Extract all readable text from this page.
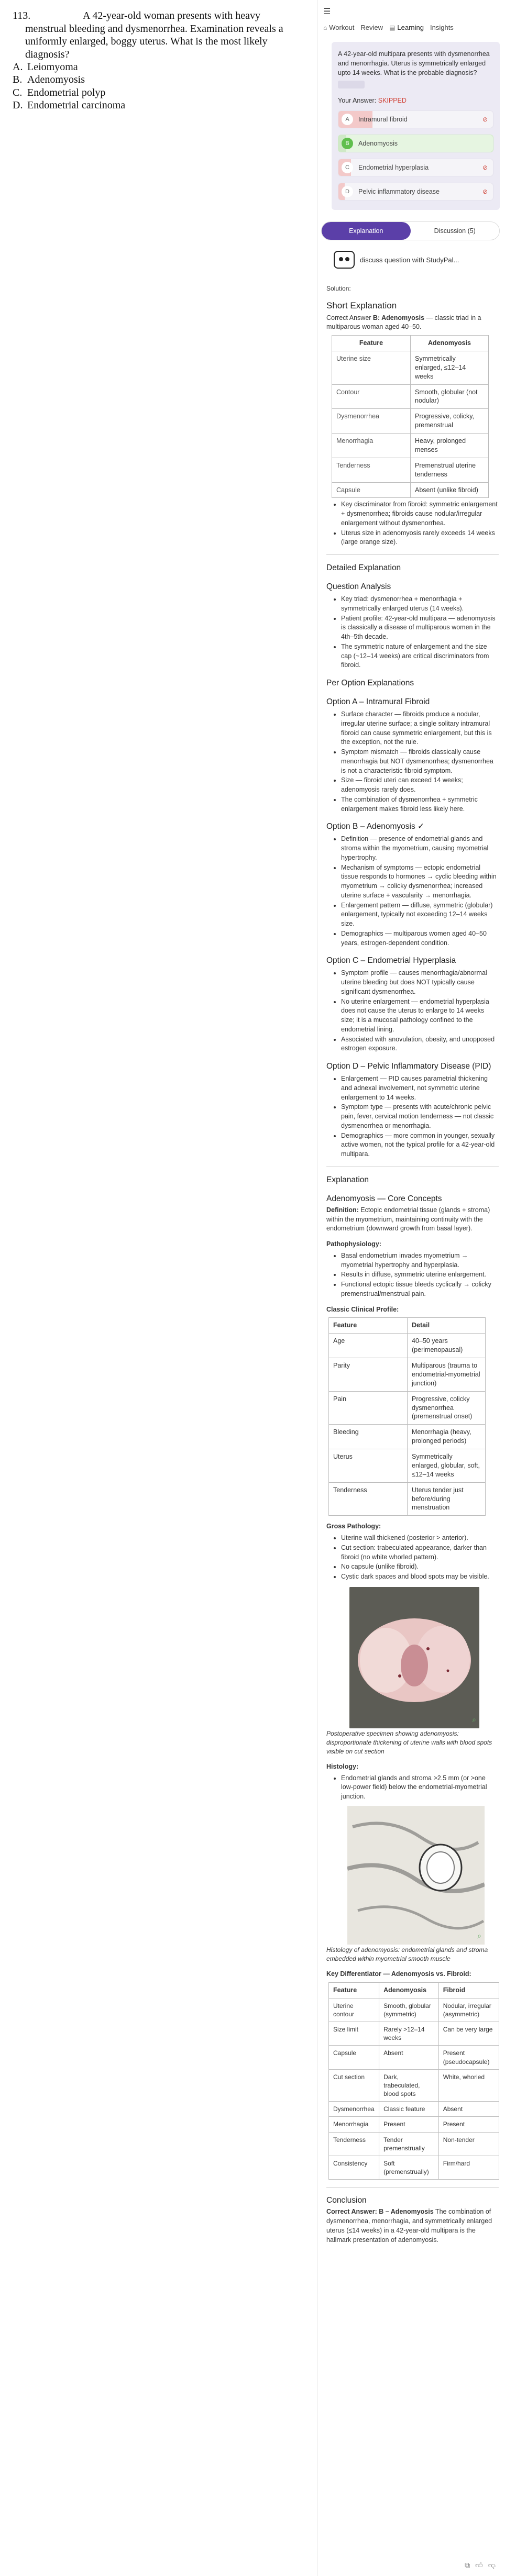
113.	A 42-year-old woman presents with heavy menstrual bleeding and dysmenorrhea. Examination reveals a uniformly enlarged, boggy uterus. What is the most likely diagnosis?
A. Leiomyoma
B. Adenomyosis
C. Endometrial polyp
D. Endometrial carcinoma
☰
⌂ Workout Review ▤ Learning Insights
A 42-year-old multipara presents with dysmenorrhea and menorrhagia. Uterus is symmetrically enlarged upto 14 weeks. What is the probable diagnosis?

Your Answer: SKIPPED
A	Intramural fibroid	⊘
B	Adenomyosis
C	Endometrial hyperplasia	⊘
D	Pelvic inflammatory disease	⊘
Explanation	Discussion (5)
discuss question with StudyPal...
Solution:
Short Explanation

Correct Answer B: Adenomyosis — classic triad in a multiparous woman aged 40–50.

Feature	Adenomyosis
Uterine size	Symmetrically enlarged, ≤12–14 weeks
Contour	Smooth, globular (not nodular)
Dysmenorrhea	Progressive, colicky, premenstrual
Menorrhagia	Heavy, prolonged menses
Tenderness	Premenstrual uterine tenderness
Capsule	Absent (unlike fibroid)
• Key discriminator from fibroid: symmetric enlargement + dysmenorrhea; fibroids cause nodular/irregular enlargement without dysmenorrhea.
• Uterus size in adenomyosis rarely exceeds 14 weeks (large orange size).
Detailed Explanation
Question Analysis
• Key triad: dysmenorrhea + menorrhagia + symmetrically enlarged uterus (14 weeks).
• Patient profile: 42-year-old multipara — adenomyosis is classically a disease of multiparous women in the 4th–5th decade.
• The symmetric nature of enlargement and the size cap (~12–14 weeks) are critical discriminators from fibroid.
Per Option Explanations
Option A – Intramural Fibroid
• Surface character — fibroids produce a nodular, irregular uterine surface; a single solitary intramural fibroid can cause symmetric enlargement, but this is the exception, not the rule.
• Symptom mismatch — fibroids classically cause menorrhagia but NOT dysmenorrhea; dysmenorrhea is not a characteristic fibroid symptom.
• Size — fibroid uteri can exceed 14 weeks; adenomyosis rarely does.
• The combination of dysmenorrhea + symmetric enlargement makes fibroid less likely here.
Option B – Adenomyosis ✓
• Definition — presence of endometrial glands and stroma within the myometrium, causing myometrial hypertrophy.
• Mechanism of symptoms — ectopic endometrial tissue responds to hormones → cyclic bleeding within myometrium → colicky dysmenorrhea; increased uterine surface + vascularity → menorrhagia.
• Enlargement pattern — diffuse, symmetric (globular) enlargement, typically not exceeding 12–14 weeks size.
• Demographics — multiparous women aged 40–50 years, estrogen-dependent condition.
Option C – Endometrial Hyperplasia
• Symptom profile — causes menorrhagia/abnormal uterine bleeding but does NOT typically cause significant dysmenorrhea.
• No uterine enlargement — endometrial hyperplasia does not cause the uterus to enlarge to 14 weeks size; it is a mucosal pathology confined to the endometrial lining.
• Associated with anovulation, obesity, and unopposed estrogen exposure.
Option D – Pelvic Inflammatory Disease (PID)
• Enlargement — PID causes parametrial thickening and adnexal involvement, not symmetric uterine enlargement to 14 weeks.
• Symptom type — presents with acute/chronic pelvic pain, fever, cervical motion tenderness — not classic dysmenorrhea or menorrhagia.
• Demographics — more common in younger, sexually active women, not the typical profile for a 42-year-old multipara.
Explanation
Adenomyosis — Core Concepts

Definition: Ectopic endometrial tissue (glands + stroma) within the myometrium, maintaining continuity with the endometrium (downward growth from basal layer).

Pathophysiology:
• Basal endometrium invades myometrium → myometrial hypertrophy and hyperplasia.
• Results in diffuse, symmetric uterine enlargement.
• Functional ectopic tissue bleeds cyclically → colicky premenstrual/menstrual pain.
Classic Clinical Profile:
Feature	Detail
Age	40–50 years (perimenopausal)
Parity	Multiparous (trauma to endometrial-myometrial junction)
Pain	Progressive, colicky dysmenorrhea (premenstrual onset)
Bleeding	Menorrhagia (heavy, prolonged periods)
Uterus	Symmetrically enlarged, globular, soft, ≤12–14 weeks
Tenderness	Uterus tender just before/during menstruation
Gross Pathology:
• Uterine wall thickened (posterior > anterior).
• Cut section: trabeculated appearance, darker than fibroid (no white whorled pattern).
• No capsule (unlike fibroid).
• Cystic dark spaces and blood spots may be visible.
⌕

Postoperative specimen showing adenomyosis: disproportionate thickening of uterine walls with blood spots visible on cut section

Histology:
• Endometrial glands and stroma >2.5 mm (or >one low-power field) below the endometrial-myometrial junction.
⌕

Histology of adenomyosis: endometrial glands and stroma embedded within myometrial smooth muscle

Key Differentiator — Adenomyosis vs. Fibroid:
Feature	Adenomyosis	Fibroid
Uterine contour	Smooth, globular (symmetric)	Nodular, irregular (asymmetric)
Size limit	Rarely >12–14 weeks	Can be very large
Capsule	Absent	Present (pseudocapsule)
Cut section	Dark, trabeculated, blood spots	White, whorled
Dysmenorrhea	Classic feature	Absent
Menorrhagia	Present	Present
Tenderness	Tender premenstrually	Non-tender
Consistency	Soft (premenstrually)	Firm/hard
Conclusion

Correct Answer: B – Adenomyosis The combination of dysmenorrhea, menorrhagia, and symmetrically enlarged uterus (≤14 weeks) in a 42-year-old multipara is the hallmark presentation of adenomyosis.

⧉ 👍︎ 👎︎
